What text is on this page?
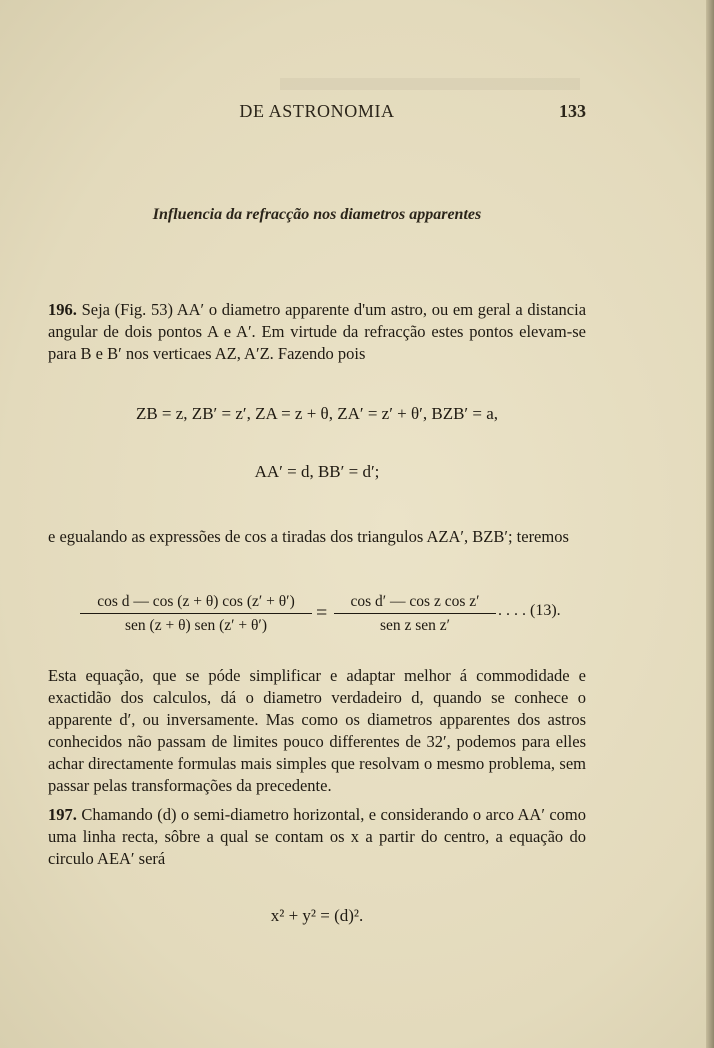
DE ASTRONOMIA	133
Influencia da refracção nos diametros apparentes
196. Seja (Fig. 53) AA′ o diametro apparente d'um astro, ou em geral a distancia angular de dois pontos A e A′. Em virtude da refracção estes pontos elevam-se para B e B′ nos verticaes AZ, A′Z. Fazendo pois
ZB = z, ZB′ = z′, ZA = z + θ, ZA′ = z′ + θ′, BZB′ = a,
AA′ = d, BB′ = d′;
e egualando as expressões de cos a tiradas dos triangulos AZA′, BZB′; teremos
cos d — cos (z + θ) cos (z′ + θ′)
sen (z + θ) sen (z′ + θ′)
=
cos d′ — cos z cos z′
sen z sen z′
. . . . (13).
Esta equação, que se póde simplificar e adaptar melhor á commodidade e exactidão dos calculos, dá o diametro verdadeiro d, quando se conhece o apparente d′, ou inversamente. Mas como os diametros apparentes dos astros conhecidos não passam de limites pouco differentes de 32′, podemos para elles achar directamente formulas mais simples que resolvam o mesmo problema, sem passar pelas transformações da precedente.
197. Chamando (d) o semi-diametro horizontal, e considerando o arco AA′ como uma linha recta, sôbre a qual se contam os x a partir do centro, a equação do circulo AEA′ será
x² + y² = (d)².
